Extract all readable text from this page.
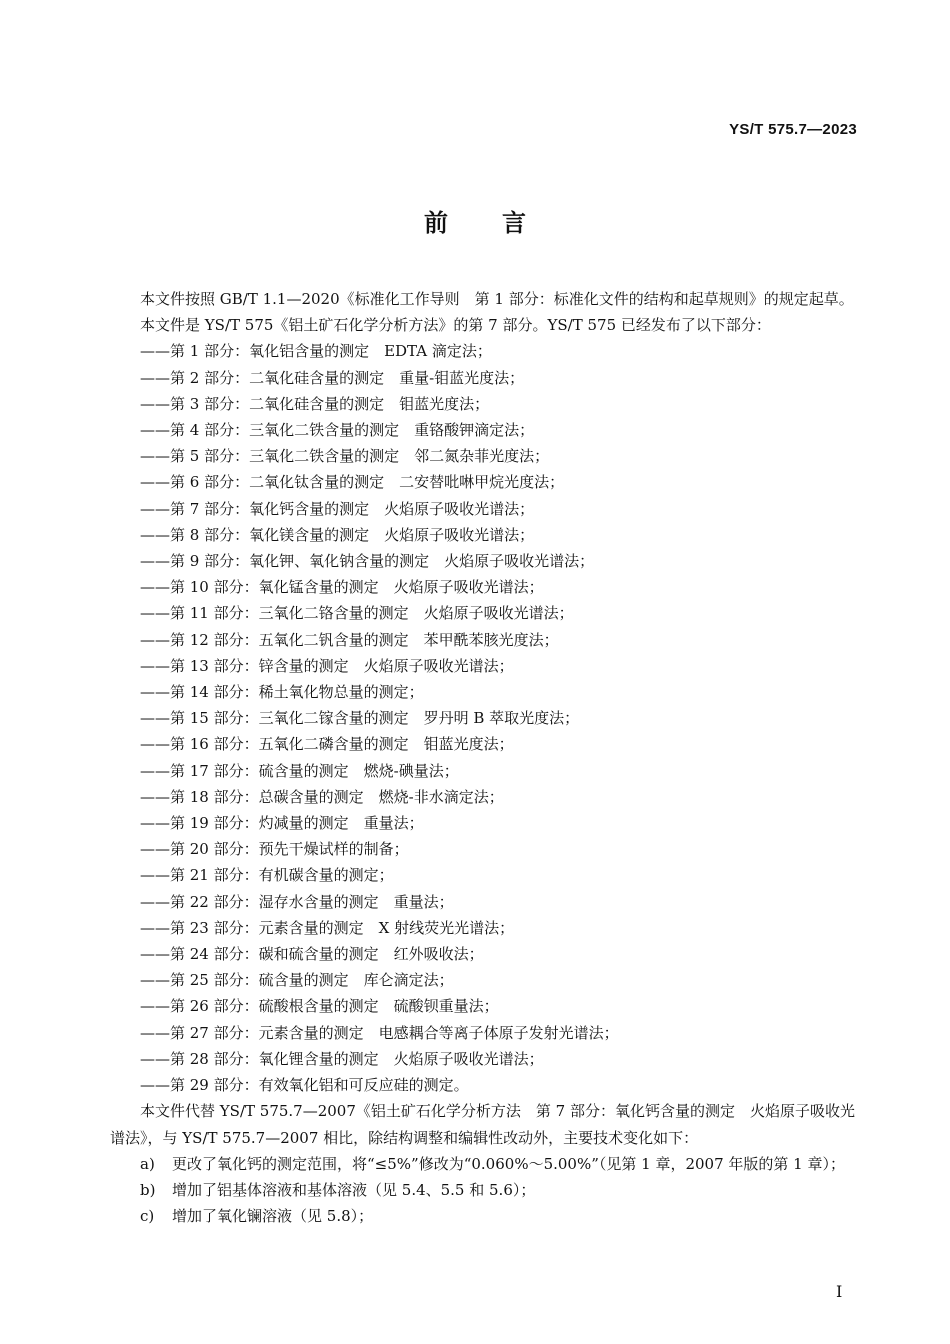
YS/T 575.7—2023
前言

本文件按照 GB/T 1.1—2020《标准化工作导则　第 1 部分：标准化文件的结构和起草规则》的规定起草。

本文件是 YS/T 575《铝土矿石化学分析方法》的第 7 部分。YS/T 575 已经发布了以下部分：

——第 1 部分：氧化铝含量的测定　EDTA 滴定法；

——第 2 部分：二氧化硅含量的测定　重量-钼蓝光度法；

——第 3 部分：二氧化硅含量的测定　钼蓝光度法；

——第 4 部分：三氧化二铁含量的测定　重铬酸钾滴定法；

——第 5 部分：三氧化二铁含量的测定　邻二氮杂菲光度法；

——第 6 部分：二氧化钛含量的测定　二安替吡啉甲烷光度法；

——第 7 部分：氧化钙含量的测定　火焰原子吸收光谱法；

——第 8 部分：氧化镁含量的测定　火焰原子吸收光谱法；

——第 9 部分：氧化钾、氧化钠含量的测定　火焰原子吸收光谱法；

——第 10 部分：氧化锰含量的测定　火焰原子吸收光谱法；

——第 11 部分：三氧化二铬含量的测定　火焰原子吸收光谱法；

——第 12 部分：五氧化二钒含量的测定　苯甲酰苯胲光度法；

——第 13 部分：锌含量的测定　火焰原子吸收光谱法；

——第 14 部分：稀土氧化物总量的测定；

——第 15 部分：三氧化二镓含量的测定　罗丹明 B 萃取光度法；

——第 16 部分：五氧化二磷含量的测定　钼蓝光度法；

——第 17 部分：硫含量的测定　燃烧-碘量法；

——第 18 部分：总碳含量的测定　燃烧-非水滴定法；

——第 19 部分：灼减量的测定　重量法；

——第 20 部分：预先干燥试样的制备；

——第 21 部分：有机碳含量的测定；

——第 22 部分：湿存水含量的测定　重量法；

——第 23 部分：元素含量的测定　X 射线荧光光谱法；

——第 24 部分：碳和硫含量的测定　红外吸收法；

——第 25 部分：硫含量的测定　库仑滴定法；

——第 26 部分：硫酸根含量的测定　硫酸钡重量法；

——第 27 部分：元素含量的测定　电感耦合等离子体原子发射光谱法；

——第 28 部分：氧化锂含量的测定　火焰原子吸收光谱法；

——第 29 部分：有效氧化铝和可反应硅的测定。

本文件代替 YS/T 575.7—2007《铝土矿石化学分析方法　第 7 部分：氧化钙含量的测定　火焰原子吸收光谱法》，与 YS/T 575.7—2007 相比，除结构调整和编辑性改动外，主要技术变化如下：

a)	更改了氧化钙的测定范围，将“≤5%”修改为“0.060%～5.00%”（见第 1 章，2007 年版的第 1 章）；
b)	增加了铝基体溶液和基体溶液（见 5.4、5.5 和 5.6）；
c)	增加了氧化镧溶液（见 5.8）；
I
